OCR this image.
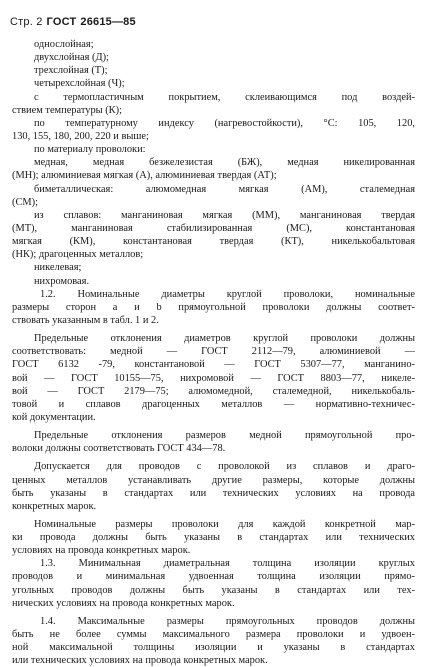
Стр. 2 ГОСТ 26615—85
однослойная;
двухслойная (Д);
трехслойная (Т);
четырехслойная (Ч);
с термопластичным покрытием, склеивающимся под воздей-
ствием температуры (К);
по температурному индексу (нагревостойкости), °С: 105, 120,
130, 155, 180, 200, 220 и выше;
по материалу проволоки:
медная, медная безжелезистая (БЖ), медная никелированная
(МН); алюминиевая мягкая (А), алюминиевая твердая (АТ);
биметаллическая: алюмомедная мягкая (АМ), сталемедная
(СМ);
из сплавов: манганиновая мягкая (ММ), манганиновая твердая
(МТ), манганиновая стабилизированная (МС), константановая
мягкая (КМ), константановая твердая (КТ), никелькобальтовая
(НК); драгоценных металлов;
никелевая;
нихромовая.
1.2. Номинальные диаметры круглой проволоки, номинальные
размеры сторон a и b прямоугольной проволоки должны соответ-
ствовать указанным в табл. 1 и 2.
Предельные отклонения диаметров круглой проволоки должны
соответствовать: медной — ГОСТ 2112—79, алюминиевой —
ГОСТ 6132 -79, константановой — ГОСТ 5307—77, манганино-
вой — ГОСТ 10155—75, нихромовой — ГОСТ 8803—77, никеле-
вой — ГОСТ 2179—75; алюмомедной, сталемедной, никелькобаль-
товой и сплавов драгоценных металлов — нормативно-техничес-
кой документации.
Предельные отклонения размеров медной прямоугольной про-
волоки должны соответствовать ГОСТ 434—78.
Допускается для проводов с проволокой из сплавов и драго-
ценных металлов устанавливать другие размеры, которые должны
быть указаны в стандартах или технических условиях на провода
конкретных марок.
Номинальные размеры проволоки для каждой конкретной мар-
ки провода должны быть указаны в стандартах или технических
условиях на провода конкретных марок.
1.3. Минимальная диаметральная толщина изоляции круглых
проводов и минимальная удвоенная толщина изоляции прямо-
угольных проводов должны быть указаны в стандартах или тех-
нических условиях на провода конкретных марок.
1.4. Максимальные размеры прямоугольных проводов должны
быть не более суммы максимального размера проволоки и удвоен-
ной максимальной толщины изоляции и указаны в стандартах
или технических условиях на провода конкретных марок.
